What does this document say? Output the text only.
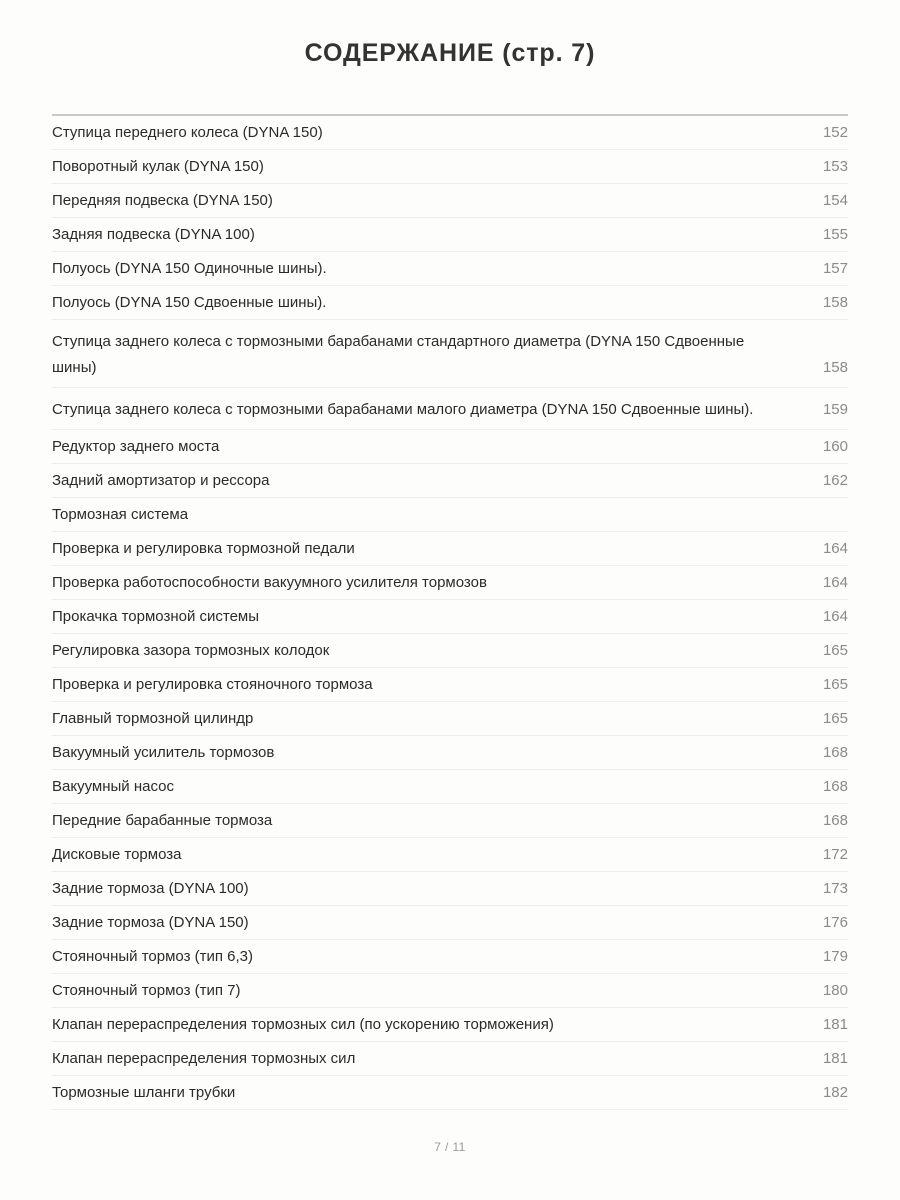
СОДЕРЖАНИЕ (стр. 7)
Ступица переднего колеса (DYNA 150)	152
Поворотный кулак (DYNA 150)	153
Передняя подвеска (DYNA 150)	154
Задняя подвеска (DYNA 100)	155
Полуось (DYNA 150 Одиночные шины).	157
Полуось (DYNA 150 Сдвоенные шины).	158
Ступица заднего колеса с тормозными барабанами стандартного диаметра (DYNA 150 Сдвоенные шины)	158
Ступица заднего колеса с тормозными барабанами малого диаметра (DYNA 150 Сдвоенные шины).	159
Редуктор заднего моста	160
Задний амортизатор и рессора	162
Тормозная система
Проверка и регулировка тормозной педали	164
Проверка работоспособности вакуумного усилителя тормозов	164
Прокачка тормозной системы	164
Регулировка зазора тормозных колодок	165
Проверка и регулировка стояночного тормоза	165
Главный тормозной цилиндр	165
Вакуумный усилитель тормозов	168
Вакуумный насос	168
Передние барабанные тормоза	168
Дисковые тормоза	172
Задние тормоза (DYNA 100)	173
Задние тормоза (DYNA 150)	176
Стояночный тормоз (тип 6,3)	179
Стояночный тормоз (тип 7)	180
Клапан перераспределения тормозных сил (по ускорению торможения)	181
Клапан перераспределения тормозных сил	181
Тормозные шланги трубки	182
7 / 11
